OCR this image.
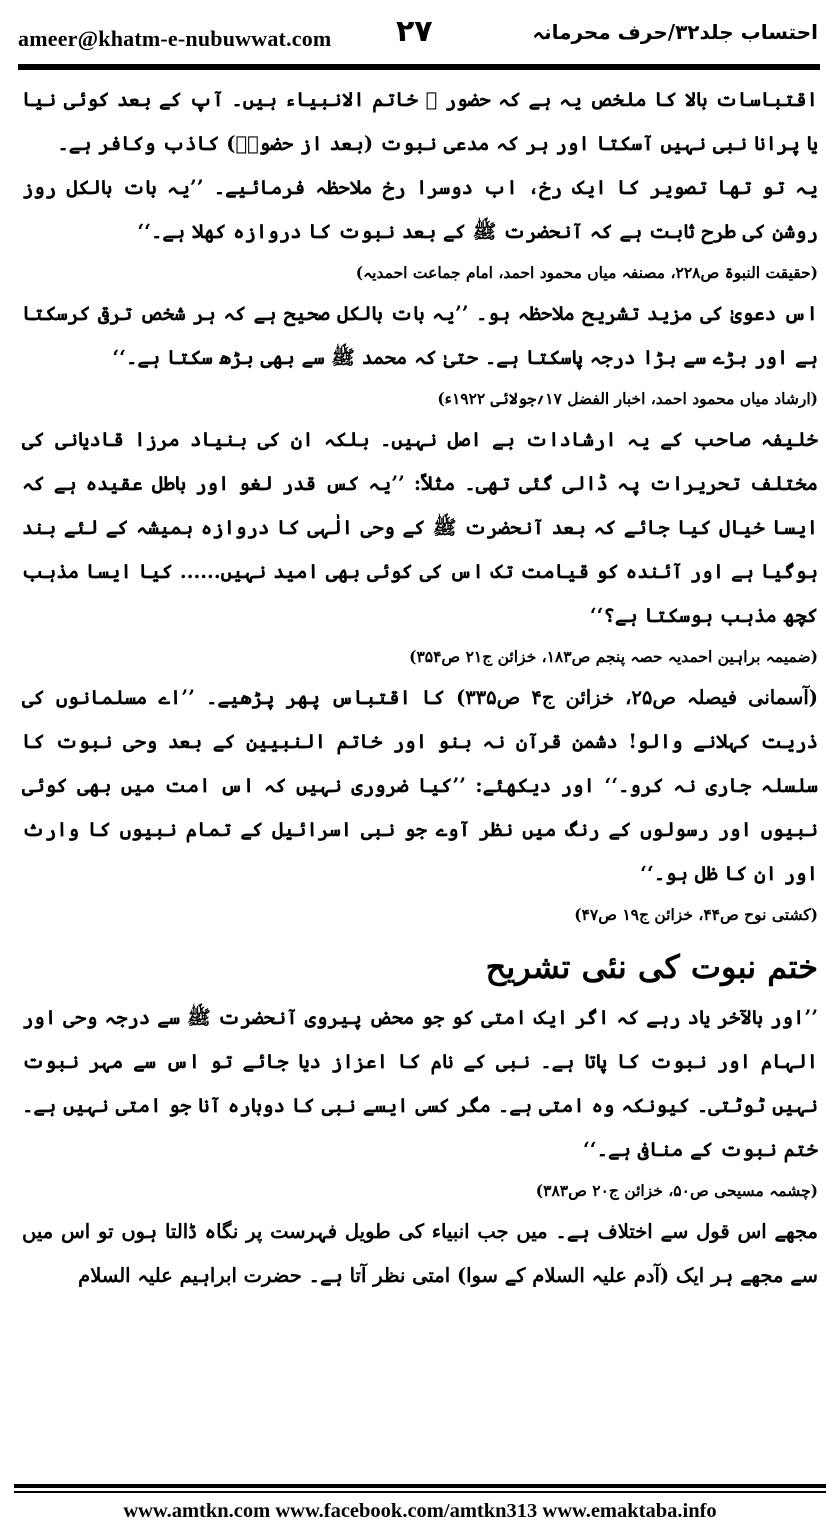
ameer@khatm-e-nubuwwat.com ۲۷	احتساب جلد۳۲/حرف محرمانہ

اقتباسات بالا کا ملخص یہ ہے کہ حضور ﷺ خاتم الانبیاء ہیں۔ آپ کے بعد کوئی نیا یا پرانا نبی نہیں آسکتا اور ہر کہ مدعی نبوت (بعد از حضورؐ) کاذب وکافر ہے۔

یہ تو تھا تصویر کا ایک رخ، اب دوسرا رخ ملاحظہ فرمائیے۔ ’’یہ بات بالکل روز روشن کی طرح ثابت ہے کہ آنحضرت ﷺ کے بعد نبوت کا دروازہ کھلا ہے۔‘‘

(حقیقت النبوۃ ص۲۲۸، مصنفہ میاں محمود احمد، امام جماعت احمدیہ)

اس دعویٰ کی مزید تشریح ملاحظہ ہو۔ ’’یہ بات بالکل صحیح ہے کہ ہر شخص ترقی کرسکتا ہے اور بڑے سے بڑا درجہ پاسکتا ہے۔ حتیٰ کہ محمد ﷺ سے بھی بڑھ سکتا ہے۔‘‘

(ارشاد میاں محمود احمد، اخبار الفضل ۱۷؍جولائی ۱۹۲۲ء)

خلیفہ صاحب کے یہ ارشادات بے اصل نہیں۔ بلکہ ان کی بنیاد مرزا قادیانی کی مختلف تحریرات پہ ڈالی گئی تھی۔ مثلاً: ’’یہ کس قدر لغو اور باطل عقیدہ ہے کہ ایسا خیال کیا جائے کہ بعد آنحضرت ﷺ کے وحی الٰہی کا دروازہ ہمیشہ کے لئے بند ہوگیا ہے اور آئندہ کو قیامت تک اس کی کوئی بھی امید نہیں...... کیا ایسا مذہب کچھ مذہب ہوسکتا ہے؟‘‘

(ضمیمہ براہین احمدیہ حصہ پنجم ص۱۸۳، خزائن ج۲۱ ص۳۵۴)

(آسمانی فیصلہ ص۲۵، خزائن ج۴ ص۳۳۵) کا اقتباس پھر پڑھیے۔ ’’اے مسلمانوں کی ذریت کہلانے والو! دشمن قرآن نہ بنو اور خاتم النبیین کے بعد وحی نبوت کا سلسلہ جاری نہ کرو۔‘‘ اور دیکھئے: ’’کیا ضروری نہیں کہ اس امت میں بھی کوئی نبیوں اور رسولوں کے رنگ میں نظر آوے جو نبی اسرائیل کے تمام نبیوں کا وارث اور ان کا ظل ہو۔‘‘

(کشتی نوح ص۴۴، خزائن ج۱۹ ص۴۷)

ختم نبوت کی نئی تشریح

’’اور بالآخر یاد رہے کہ اگر ایک امتی کو جو محض پیروی آنحضرت ﷺ سے درجہ وحی اور الہام اور نبوت کا پاتا ہے۔ نبی کے نام کا اعزاز دیا جائے تو اس سے مہر نبوت نہیں ٹوٹتی۔ کیونکہ وہ امتی ہے۔ مگر کسی ایسے نبی کا دوبارہ آنا جو امتی نہیں ہے۔ ختم نبوت کے منافی ہے۔‘‘

(چشمہ مسیحی ص۵۰، خزائن ج۲۰ ص۳۸۳)

مجھے اس قول سے اختلاف ہے۔ میں جب انبیاء کی طویل فہرست پر نگاہ ڈالتا ہوں تو اس میں سے مجھے ہر ایک (آدم علیہ السلام کے سوا) امتی نظر آتا ہے۔ حضرت ابراہیم علیہ السلام

www.amtkn.com www.facebook.com/amtkn313 www.emaktaba.info
